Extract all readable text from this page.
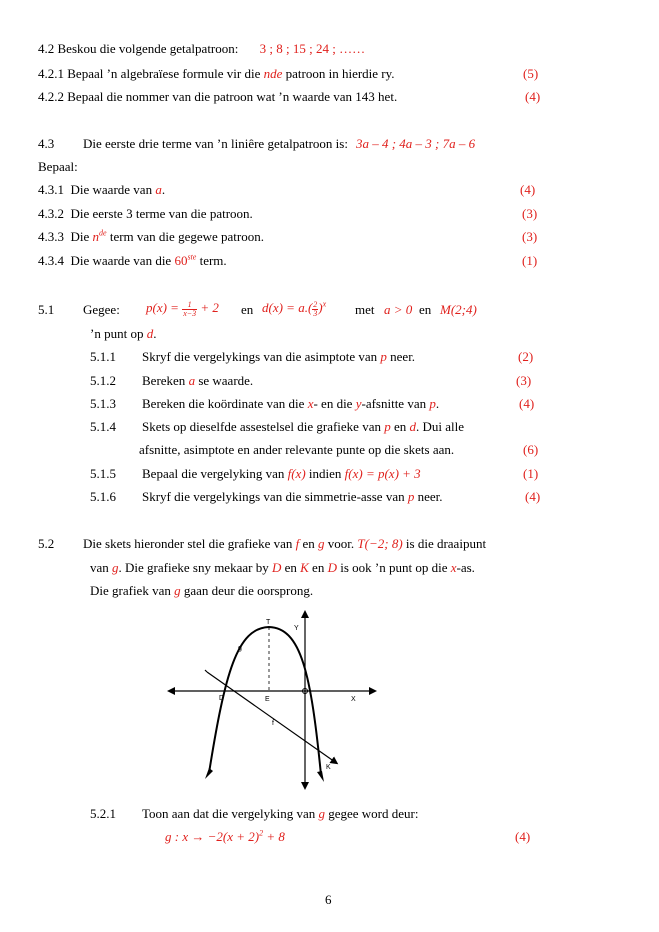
4.2 Beskou die volgende getalpatroon: 3 ; 8 ; 15 ; 24 ; ……
4.2.1 Bepaal ’n algebraïese formule vir die nde patroon in hierdie ry.	(5)
4.2.2 Bepaal die nommer van die patroon wat ’n waarde van 143 het.	(4)
4.3 Die eerste drie terme van ’n liniêre getalpatroon is: 3a – 4 ; 4a – 3 ; 7a – 6
Bepaal:
4.3.1 Die waarde van a.	(4)
4.3.2 Die eerste 3 terme van die patroon.	(3)
4.3.3 Die $n^{de}$ term van die gegewe patroon.	(3)
4.3.4 Die waarde van die 60ste term.	(1)
5.1 Gegee: $p(x) = \frac{1}{x-3} + 2$ en $d(x) = a.( \frac{2}{3} )^x$ met a > 0 en M(2;4)
’n punt op d.
5.1.1 Skryf die vergelykings van die asimptote van p neer.	(2)
5.1.2 Bereken a se waarde.	(3)
5.1.3 Bereken die koördinate van die x- en die y-afsnitte van p.	(4)
5.1.4 Skets op dieselfde assestelsel die grafieke van p en d. Dui alle
afsnitte, asimptote en ander relevante punte op die skets aan.	(6)
5.1.5 Bepaal die vergelyking van f(x) indien f(x) = p(x) + 3	(1)
5.1.6 Skryf die vergelykings van die simmetrie-asse van p neer.	(4)
5.2 Die skets hieronder stel die grafieke van f en g voor. T(−2; 8) is die draaipunt
van g. Die grafieke sny mekaar by D en K en D is ook ’n punt op die x-as.
Die grafiek van g gaan deur die oorsprong.
T
Y
g
D	E	X
f
K
5.2.1 Toon aan dat die vergelyking van g gegee word deur:
g : $x \to -2(x + 2)^2 + 8$	(4)
6
